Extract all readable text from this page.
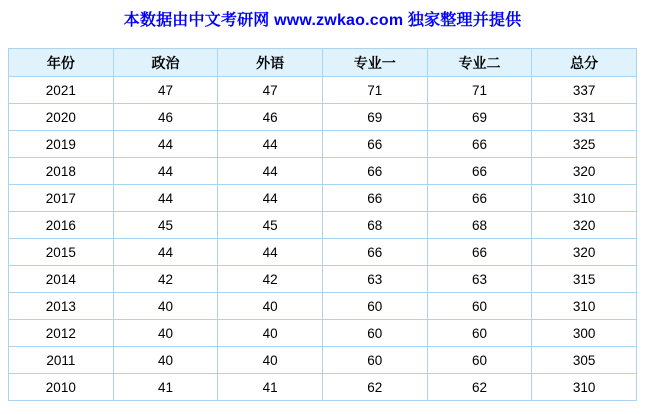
本数据由中文考研网 www.zwkao.com 独家整理并提供
年份	政治	外语	专业一	专业二	总分
2021	47	47	71	71	337
2020	46	46	69	69	331
2019	44	44	66	66	325
2018	44	44	66	66	320
2017	44	44	66	66	310
2016	45	45	68	68	320
2015	44	44	66	66	320
2014	42	42	63	63	315
2013	40	40	60	60	310
2012	40	40	60	60	300
2011	40	40	60	60	305
2010	41	41	62	62	310
